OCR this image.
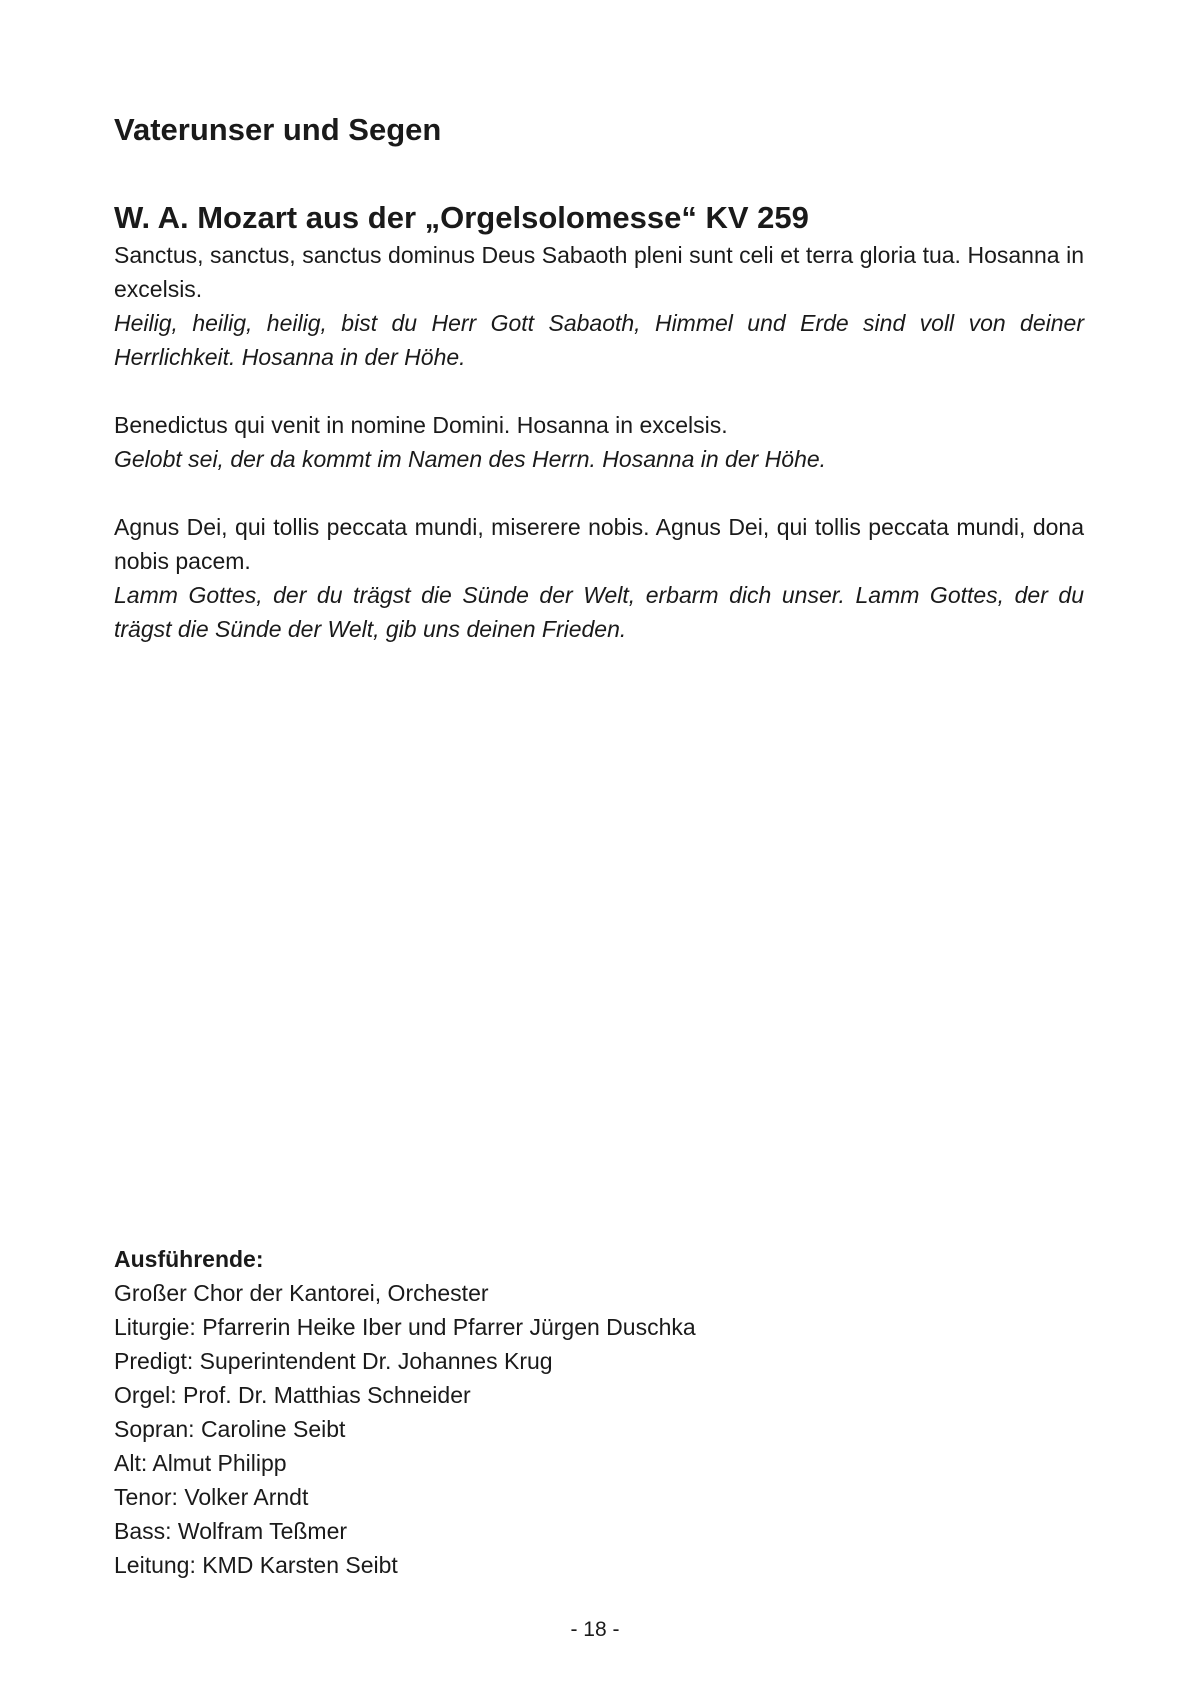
Vaterunser und Segen
W. A. Mozart aus der „Orgelsolomesse“ KV 259

Sanctus, sanctus, sanctus dominus Deus Sabaoth pleni sunt celi et terra gloria tua. Hosanna in excelsis.

Heilig, heilig, heilig, bist du Herr Gott Sabaoth, Himmel und Erde sind voll von deiner Herrlichkeit. Hosanna in der Höhe.

Benedictus qui venit in nomine Domini. Hosanna in excelsis.

Gelobt sei, der da kommt im Namen des Herrn. Hosanna in der Höhe.

Agnus Dei, qui tollis peccata mundi, miserere nobis. Agnus Dei, qui tollis peccata mundi, dona nobis pacem.

Lamm Gottes, der du trägst die Sünde der Welt, erbarm dich unser. Lamm Gottes, der du trägst die Sünde der Welt, gib uns deinen Frieden.

Ausführende:

Großer Chor der Kantorei, Orchester

Liturgie: Pfarrerin Heike Iber und Pfarrer Jürgen Duschka

Predigt: Superintendent Dr. Johannes Krug

Orgel: Prof. Dr. Matthias Schneider

Sopran: Caroline Seibt

Alt: Almut Philipp

Tenor: Volker Arndt

Bass: Wolfram Teßmer

Leitung: KMD Karsten Seibt

- 18 -
